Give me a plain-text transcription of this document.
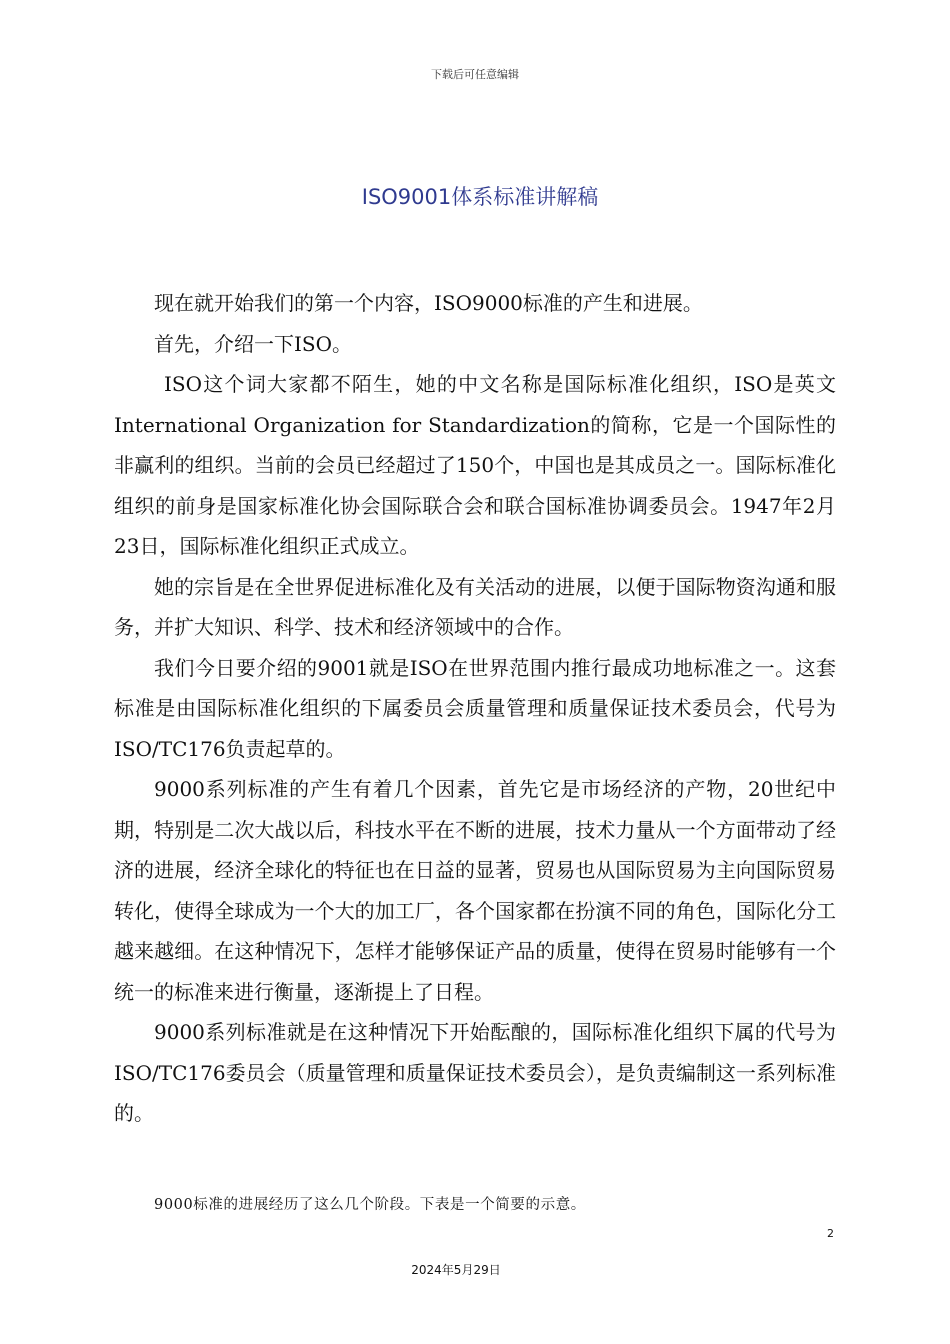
下载后可任意编辑
ISO9001体系标准讲解稿

现在就开始我们的第一个内容，ISO9000标准的产生和进展。

首先，介绍一下ISO。

ISO这个词大家都不陌生，她的中文名称是国际标准化组织，ISO是英文International Organization for Standardization的简称，它是一个国际性的非赢利的组织。当前的会员已经超过了150个，中国也是其成员之一。国际标准化组织的前身是国家标准化协会国际联合会和联合国标准协调委员会。1947年2月23日，国际标准化组织正式成立。

她的宗旨是在全世界促进标准化及有关活动的进展，以便于国际物资沟通和服务，并扩大知识、科学、技术和经济领域中的合作。

我们今日要介绍的9001就是ISO在世界范围内推行最成功地标准之一。这套标准是由国际标准化组织的下属委员会质量管理和质量保证技术委员会，代号为ISO/TC176负责起草的。

9000系列标准的产生有着几个因素，首先它是市场经济的产物，20世纪中期，特别是二次大战以后，科技水平在不断的进展，技术力量从一个方面带动了经济的进展，经济全球化的特征也在日益的显著，贸易也从国际贸易为主向国际贸易转化，使得全球成为一个大的加工厂，各个国家都在扮演不同的角色，国际化分工越来越细。在这种情况下，怎样才能够保证产品的质量，使得在贸易时能够有一个统一的标准来进行衡量，逐渐提上了日程。

9000系列标准就是在这种情况下开始酝酿的，国际标准化组织下属的代号为ISO/TC176委员会（质量管理和质量保证技术委员会），是负责编制这一系列标准的。

9000标准的进展经历了这么几个阶段。下表是一个简要的示意。
2
2024年5月29日
